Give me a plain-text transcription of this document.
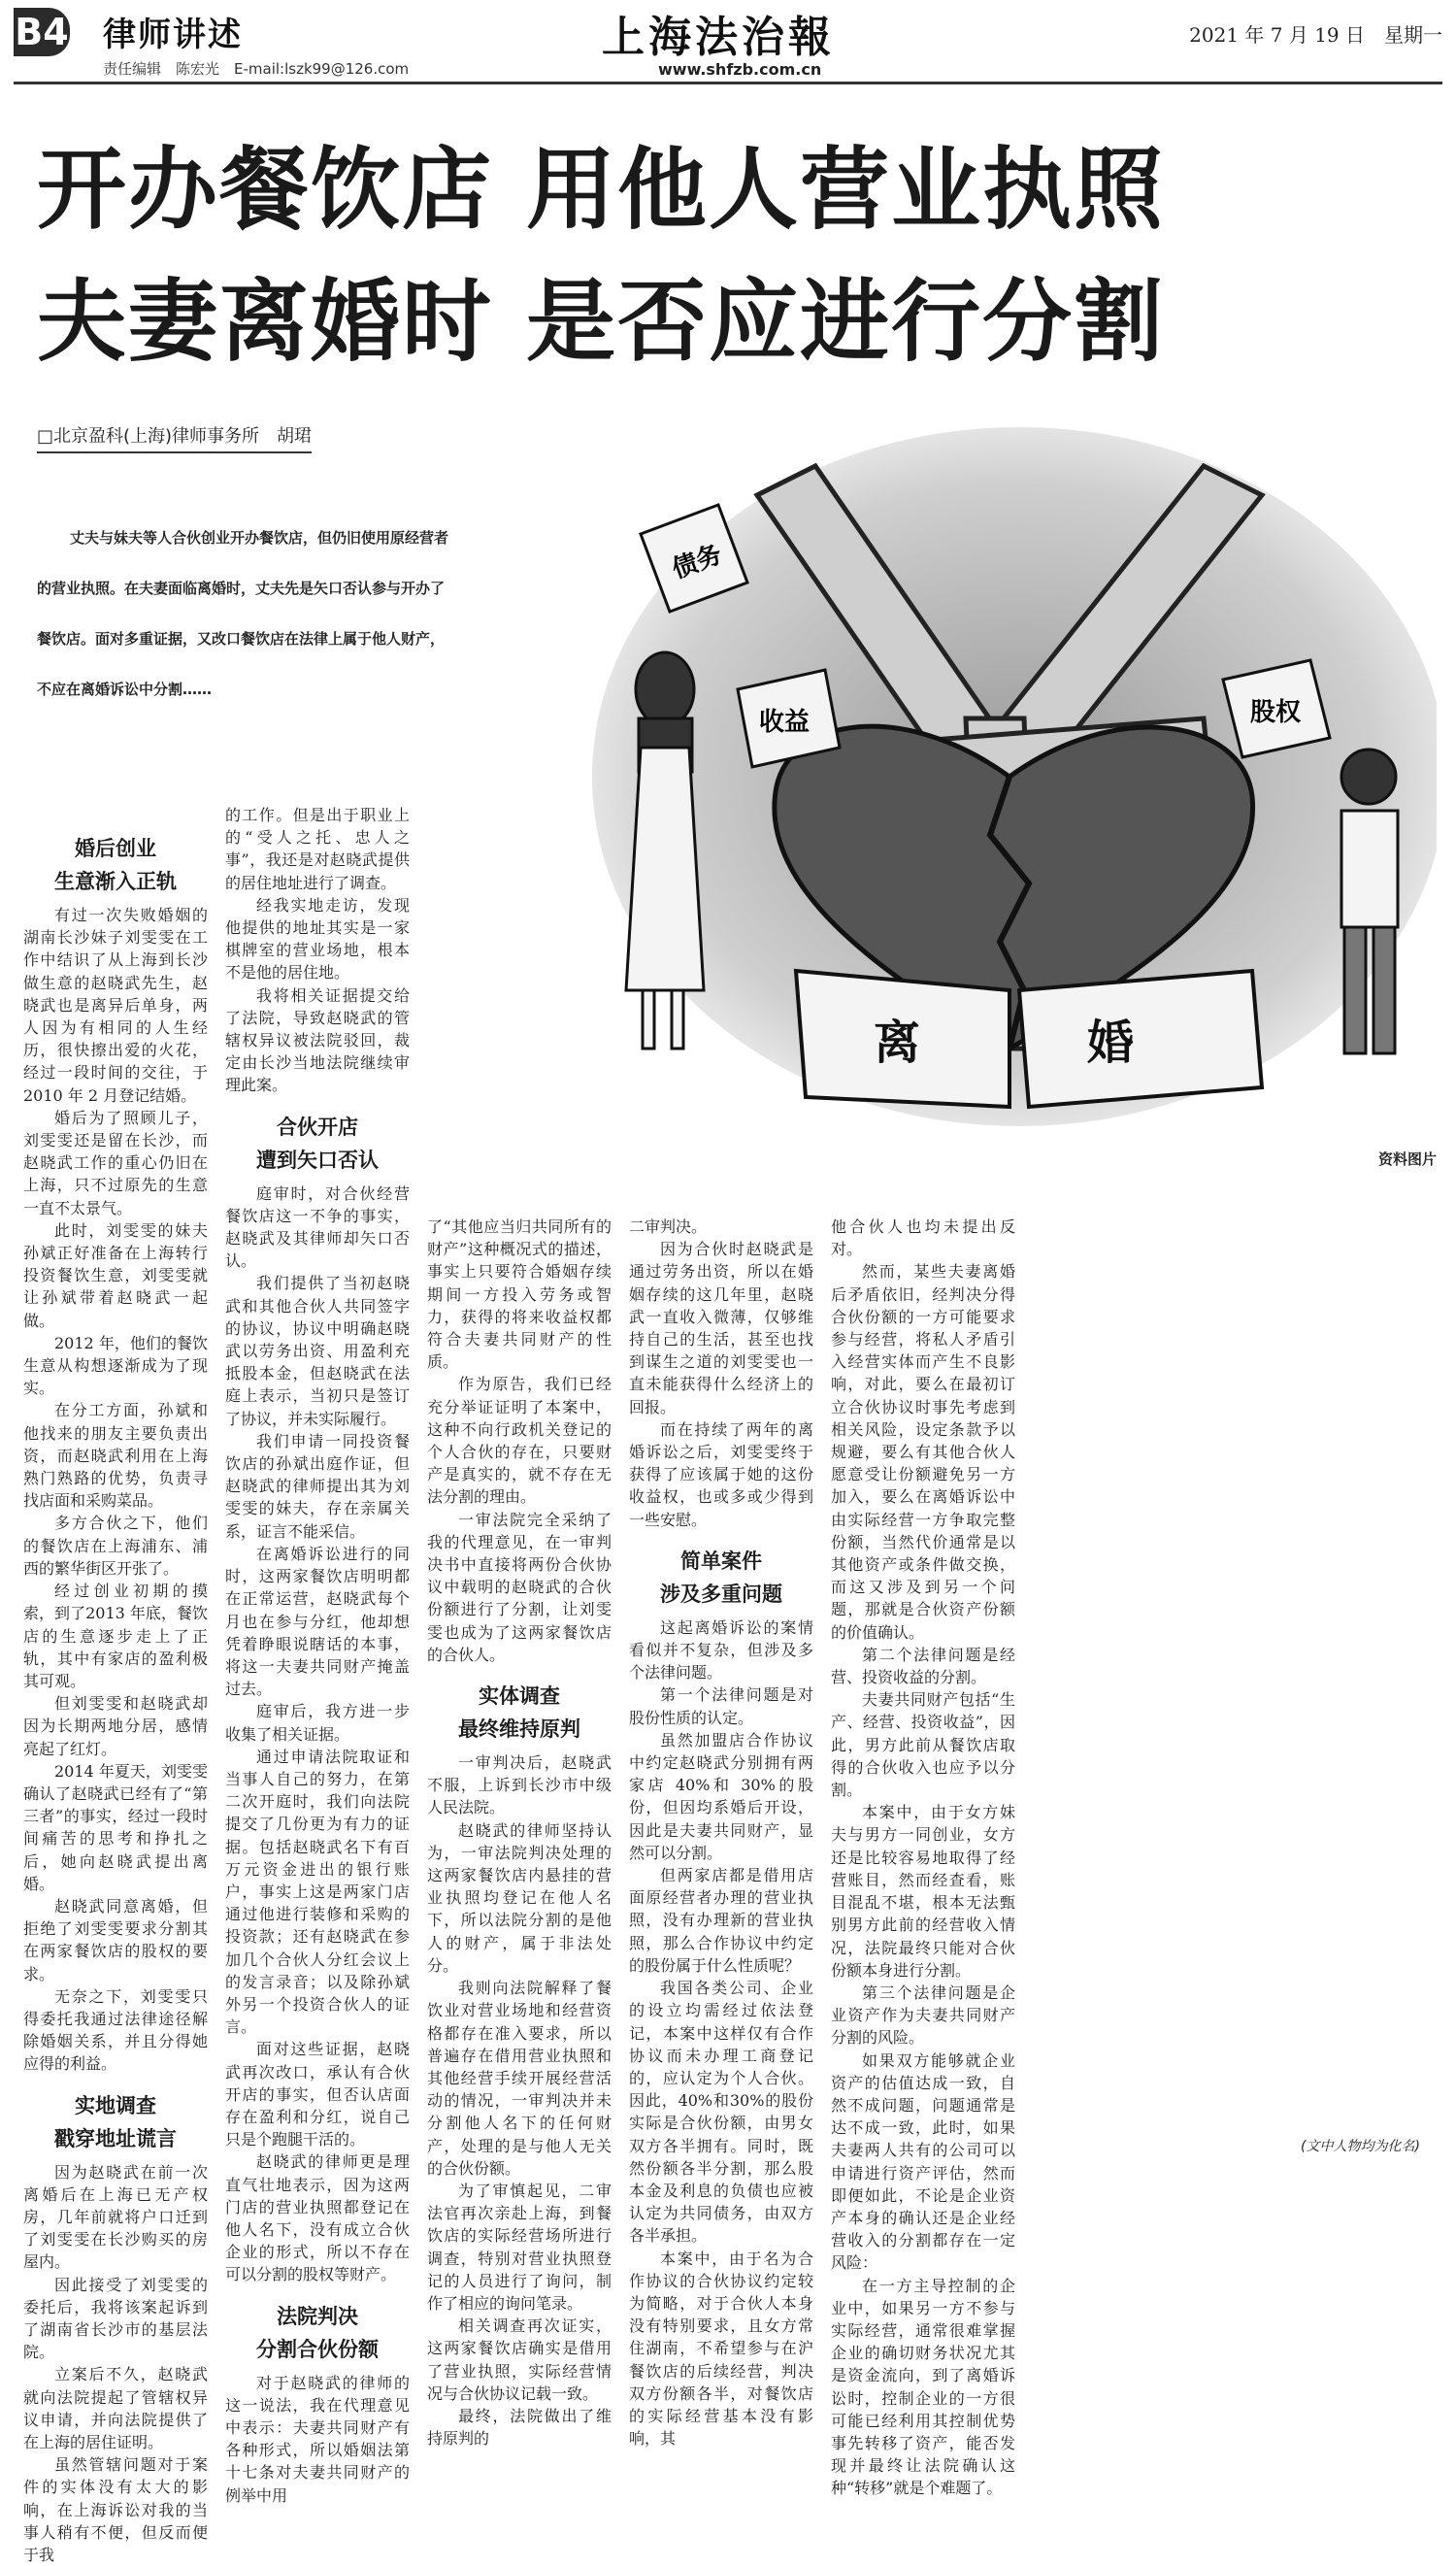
B4 律师讲述
责任编辑　陈宏光　E-mail:lszk99@126.com
上海法治報
www.shfzb.com.cn
2021 年 7 月 19 日　星期一
开办餐饮店 用他人营业执照
夫妻离婚时 是否应进行分割
□北京盈科(上海)律师事务所　胡珺
丈夫与妹夫等人合伙创业开办餐饮店，但仍旧使用原经营者
的营业执照。在夫妻面临离婚时，丈夫先是矢口否认参与开办了
餐饮店。面对多重证据，又改口餐饮店在法律上属于他人财产，
不应在离婚诉讼中分割……
离	婚
债务
收益	股权
资料图片
婚后创业
生意渐入正轨

有过一次失败婚姻的湖南长沙妹子刘雯雯在工作中结识了从上海到长沙做生意的赵晓武先生，赵晓武也是离异后单身，两人因为有相同的人生经历，很快擦出爱的火花，经过一段时间的交往，于2010 年 2 月登记结婚。

婚后为了照顾儿子，刘雯雯还是留在长沙，而赵晓武工作的重心仍旧在上海，只不过原先的生意一直不太景气。

此时，刘雯雯的妹夫孙斌正好准备在上海转行投资餐饮生意，刘雯雯就让孙斌带着赵晓武一起做。

2012 年，他们的餐饮生意从构想逐渐成为了现实。

在分工方面，孙斌和他找来的朋友主要负责出资，而赵晓武利用在上海熟门熟路的优势，负责寻找店面和采购菜品。

多方合伙之下，他们的餐饮店在上海浦东、浦西的繁华街区开张了。

经过创业初期的摸索，到了2013 年底，餐饮店的生意逐步走上了正轨，其中有家店的盈利极其可观。

但刘雯雯和赵晓武却因为长期两地分居，感情亮起了红灯。

2014 年夏天，刘雯雯确认了赵晓武已经有了“第三者”的事实，经过一段时间痛苦的思考和挣扎之后，她向赵晓武提出离婚。

赵晓武同意离婚，但拒绝了刘雯雯要求分割其在两家餐饮店的股权的要求。

无奈之下，刘雯雯只得委托我通过法律途径解除婚姻关系，并且分得她应得的利益。

实地调查
戳穿地址谎言

因为赵晓武在前一次离婚后在上海已无产权房，几年前就将户口迁到了刘雯雯在长沙购买的房屋内。

因此接受了刘雯雯的委托后，我将该案起诉到了湖南省长沙市的基层法院。

立案后不久，赵晓武就向法院提起了管辖权异议申请，并向法院提供了在上海的居住证明。

虽然管辖问题对于案件的实体没有太大的影响，在上海诉讼对我的当事人稍有不便，但反而便于我

的工作。但是出于职业上的“受人之托、忠人之事”，我还是对赵晓武提供的居住地址进行了调查。

经我实地走访，发现他提供的地址其实是一家棋牌室的营业场地，根本不是他的居住地。

我将相关证据提交给了法院，导致赵晓武的管辖权异议被法院驳回，裁定由长沙当地法院继续审理此案。

合伙开店
遭到矢口否认

庭审时，对合伙经营餐饮店这一不争的事实，赵晓武及其律师却矢口否认。

我们提供了当初赵晓武和其他合伙人共同签字的协议，协议中明确赵晓武以劳务出资、用盈利充抵股本金，但赵晓武在法庭上表示，当初只是签订了协议，并未实际履行。

我们申请一同投资餐饮店的孙斌出庭作证，但赵晓武的律师提出其为刘雯雯的妹夫，存在亲属关系，证言不能采信。

在离婚诉讼进行的同时，这两家餐饮店明明都在正常运营，赵晓武每个月也在参与分红，他却想凭着睁眼说瞎话的本事，将这一夫妻共同财产掩盖过去。

庭审后，我方进一步收集了相关证据。

通过申请法院取证和当事人自己的努力，在第二次开庭时，我们向法院提交了几份更为有力的证据。包括赵晓武名下有百万元资金进出的银行账户，事实上这是两家门店通过他进行装修和采购的投资款；还有赵晓武在参加几个合伙人分红会议上的发言录音；以及除孙斌外另一个投资合伙人的证言。

面对这些证据，赵晓武再次改口，承认有合伙开店的事实，但否认店面存在盈利和分红，说自己只是个跑腿干活的。

赵晓武的律师更是理直气壮地表示，因为这两门店的营业执照都登记在他人名下，没有成立合伙企业的形式，所以不存在可以分割的股权等财产。

法院判决
分割合伙份额

对于赵晓武的律师的这一说法，我在代理意见中表示：夫妻共同财产有各种形式，所以婚姻法第十七条对夫妻共同财产的例举中用

了“其他应当归共同所有的财产”这种概况式的描述，事实上只要符合婚姻存续期间一方投入劳务或智力，获得的将来收益权都符合夫妻共同财产的性质。

作为原告，我们已经充分举证证明了本案中，这种不向行政机关登记的个人合伙的存在，只要财产是真实的，就不存在无法分割的理由。

一审法院完全采纳了我的代理意见，在一审判决书中直接将两份合伙协议中载明的赵晓武的合伙份额进行了分割，让刘雯雯也成为了这两家餐饮店的合伙人。

实体调查
最终维持原判

一审判决后，赵晓武不服，上诉到长沙市中级人民法院。

赵晓武的律师坚持认为，一审法院判决处理的这两家餐饮店内悬挂的营业执照均登记在他人名下，所以法院分割的是他人的财产，属于非法处分。

我则向法院解释了餐饮业对营业场地和经营资格都存在准入要求，所以普遍存在借用营业执照和其他经营手续开展经营活动的情况，一审判决并未分割他人名下的任何财产，处理的是与他人无关的合伙份额。

为了审慎起见，二审法官再次亲赴上海，到餐饮店的实际经营场所进行调查，特别对营业执照登记的人员进行了询问，制作了相应的询问笔录。

相关调查再次证实，这两家餐饮店确实是借用了营业执照，实际经营情况与合伙协议记载一致。

最终，法院做出了维持原判的

二审判决。

因为合伙时赵晓武是通过劳务出资，所以在婚姻存续的这几年里，赵晓武一直收入微薄，仅够维持自己的生活，甚至也找到谋生之道的刘雯雯也一直未能获得什么经济上的回报。

而在持续了两年的离婚诉讼之后，刘雯雯终于获得了应该属于她的这份收益权，也或多或少得到一些安慰。

简单案件
涉及多重问题

这起离婚诉讼的案情看似并不复杂，但涉及多个法律问题。

第一个法律问题是对股份性质的认定。

虽然加盟店合作协议中约定赵晓武分别拥有两家店 40%和 30%的股份，但因均系婚后开设，因此是夫妻共同财产，显然可以分割。

但两家店都是借用店面原经营者办理的营业执照，没有办理新的营业执照，那么合作协议中约定的股份属于什么性质呢？

我国各类公司、企业的设立均需经过依法登记，本案中这样仅有合作协议而未办理工商登记的，应认定为个人合伙。因此，40%和30%的股份实际是合伙份额，由男女双方各半拥有。同时，既然份额各半分割，那么股本金及利息的负债也应被认定为共同债务，由双方各半承担。

本案中，由于名为合作协议的合伙协议约定较为简略，对于合伙人本身没有特别要求，且女方常住湖南，不希望参与在沪餐饮店的后续经营，判决双方份额各半，对餐饮店的实际经营基本没有影响，其

他合伙人也均未提出反对。

然而，某些夫妻离婚后矛盾依旧，经判决分得合伙份额的一方可能要求参与经营，将私人矛盾引入经营实体而产生不良影响，对此，要么在最初订立合伙协议时事先考虑到相关风险，设定条款予以规避，要么有其他合伙人愿意受让份额避免另一方加入，要么在离婚诉讼中由实际经营一方争取完整份额，当然代价通常是以其他资产或条件做交换，而这又涉及到另一个问题，那就是合伙资产份额的价值确认。

第二个法律问题是经营、投资收益的分割。

夫妻共同财产包括“生产、经营、投资收益”，因此，男方此前从餐饮店取得的合伙收入也应予以分割。

本案中，由于女方妹夫与男方一同创业，女方还是比较容易地取得了经营账目，然而经查看，账目混乱不堪，根本无法甄别男方此前的经营收入情况，法院最终只能对合伙份额本身进行分割。

第三个法律问题是企业资产作为夫妻共同财产分割的风险。

如果双方能够就企业资产的估值达成一致，自然不成问题，问题通常是达不成一致，此时，如果夫妻两人共有的公司可以申请进行资产评估，然而即便如此，不论是企业资产本身的确认还是企业经营收入的分割都存在一定风险：

在一方主导控制的企业中，如果另一方不参与实际经营，通常很难掌握企业的确切财务状况尤其是资金流向，到了离婚诉讼时，控制企业的一方很可能已经利用其控制优势事先转移了资产，能否发现并最终让法院确认这种“转移”就是个难题了。

(文中人物均为化名)
